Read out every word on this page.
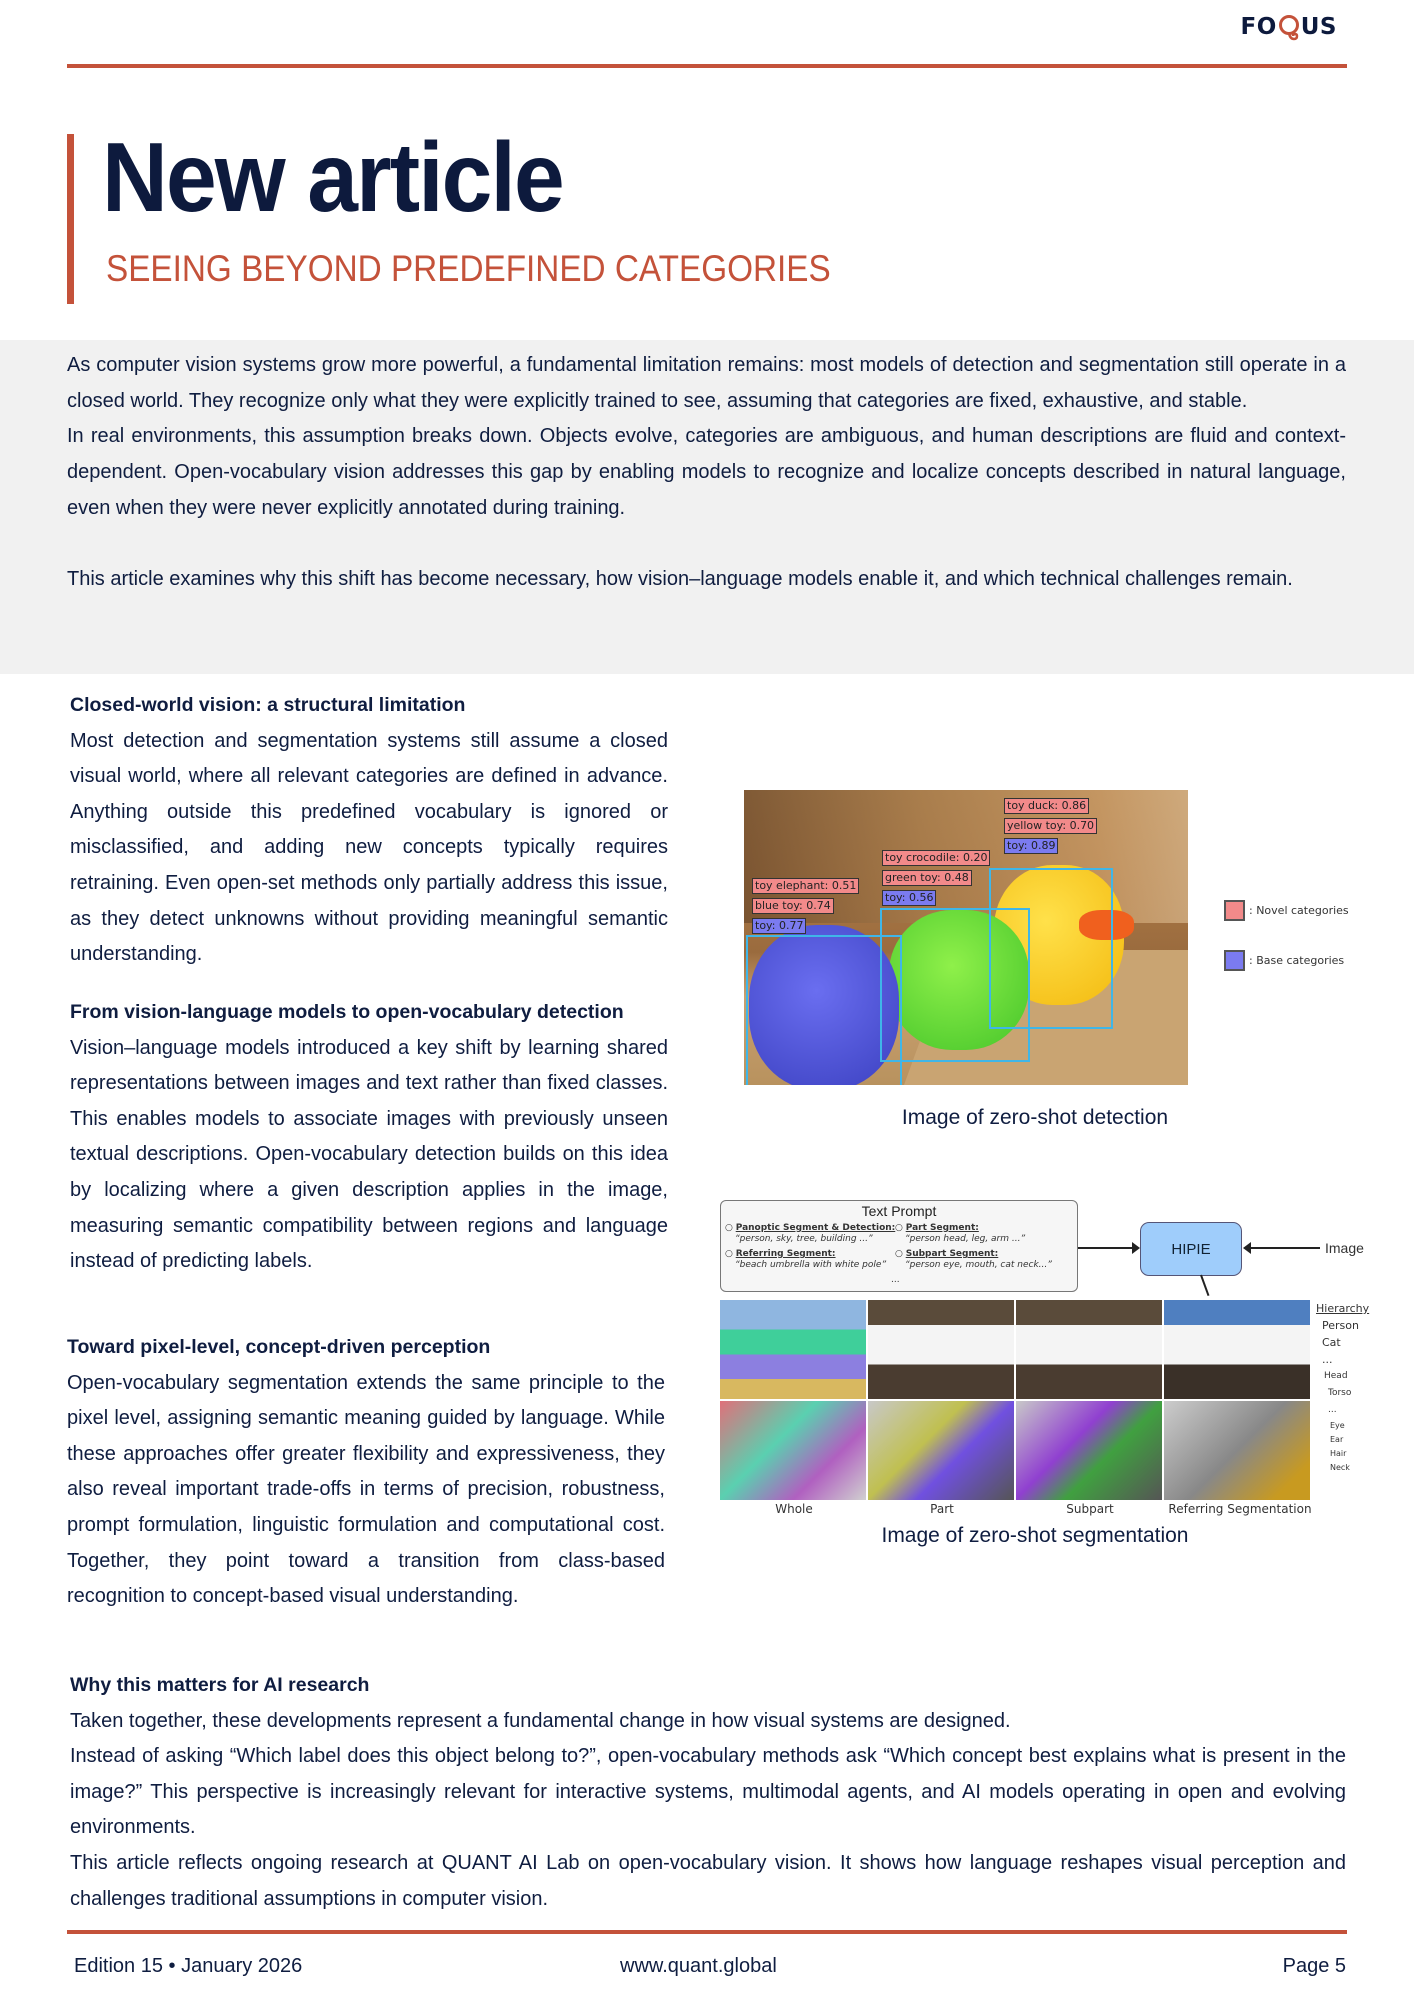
FO US
New article
SEEING BEYOND PREDEFINED CATEGORIES

As computer vision systems grow more powerful, a fundamental limitation remains: most models of detection and segmentation still operate in a closed world. They recognize only what they were explicitly trained to see, assuming that categories are fixed, exhaustive, and stable.

In real environments, this assumption breaks down. Objects evolve, categories are ambiguous, and human descriptions are fluid and context-dependent. Open-vocabulary vision addresses this gap by enabling models to recognize and localize concepts described in natural language, even when they were never explicitly annotated during training.

This article examines why this shift has become necessary, how vision–language models enable it, and which technical challenges remain.

Closed-world vision: a structural limitation

Most detection and segmentation systems still assume a closed visual world, where all relevant categories are defined in advance. Anything outside this predefined vocabulary is ignored or misclassified, and adding new concepts typically requires retraining. Even open-set methods only partially address this issue, as they detect unknowns without providing meaningful semantic understanding.

From vision-language models to open-vocabulary detection

Vision–language models introduced a key shift by learning shared representations between images and text rather than fixed classes. This enables models to associate images with previously unseen textual descriptions. Open-vocabulary detection builds on this idea by localizing where a given description applies in the image, measuring semantic compatibility between regions and language instead of predicting labels.

Toward pixel-level, concept-driven perception

Open-vocabulary segmentation extends the same principle to the pixel level, assigning semantic meaning guided by language. While these approaches offer greater flexibility and expressiveness, they also reveal important trade-offs in terms of precision, robustness, prompt formulation, linguistic formulation and computational cost. Together, they point toward a transition from class-based recognition to concept-based visual understanding.

toy elephant: 0.51
blue toy: 0.74
toy: 0.77
toy crocodile: 0.20
green toy: 0.48
toy: 0.56
toy duck: 0.86
yellow toy: 0.70
toy: 0.89
: Novel categories
: Base categories
Image of zero-shot detection
Text Prompt
○ Panoptic Segment & Detection:
“person, sky, tree, building ...”
○ Part Segment:
“person head, leg, arm ...”
○ Referring Segment:
“beach umbrella with white pole”
○ Subpart Segment:
“person eye, mouth, cat neck...”
...
HIPIE	Image
Whole	Part	Subpart	Referring Segmentation
Hierarchy
Person
Cat
...
Head
Torso
...
Eye
Ear
Hair
Neck
Image of zero-shot segmentation
Why this matters for AI research

Taken together, these developments represent a fundamental change in how visual systems are designed.

Instead of asking “Which label does this object belong to?”, open-vocabulary methods ask “Which concept best explains what is present in the image?” This perspective is increasingly relevant for interactive systems, multimodal agents, and AI models operating in open and evolving environments.

This article reflects ongoing research at QUANT AI Lab on open-vocabulary vision. It shows how language reshapes visual perception and challenges traditional assumptions in computer vision.

Edition 15 • January 2026	www.quant.global	Page 5
